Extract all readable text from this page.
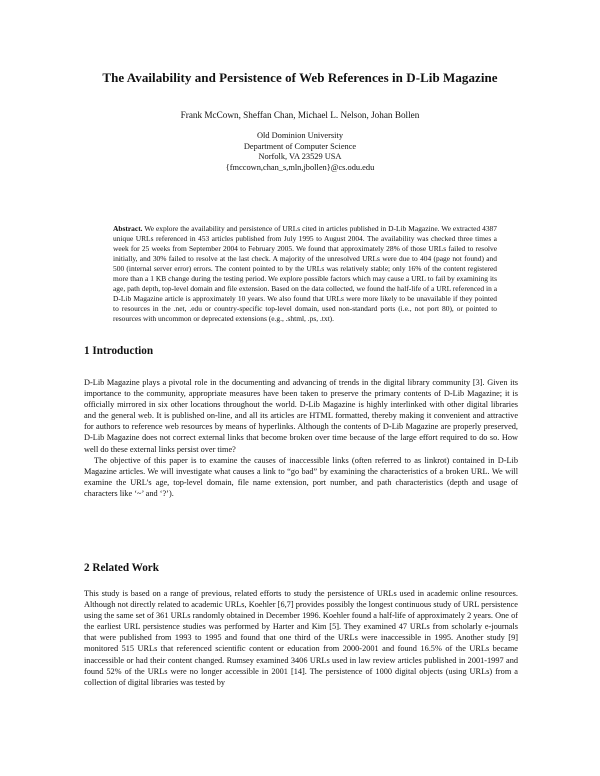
The Availability and Persistence of Web References in D-Lib Magazine
Frank McCown, Sheffan Chan, Michael L. Nelson, Johan Bollen
Old Dominion University
Department of Computer Science
Norfolk, VA 23529 USA
{fmccown,chan_s,mln,jbollen}@cs.odu.edu
Abstract. We explore the availability and persistence of URLs cited in articles published in D-Lib Magazine. We extracted 4387 unique URLs referenced in 453 articles published from July 1995 to August 2004. The availability was checked three times a week for 25 weeks from September 2004 to February 2005. We found that approximately 28% of those URLs failed to resolve initially, and 30% failed to resolve at the last check. A majority of the unresolved URLs were due to 404 (page not found) and 500 (internal server error) errors. The content pointed to by the URLs was relatively stable; only 16% of the content registered more than a 1 KB change during the testing period. We explore possible factors which may cause a URL to fail by examining its age, path depth, top-level domain and file extension. Based on the data collected, we found the half-life of a URL referenced in a D-Lib Magazine article is approximately 10 years. We also found that URLs were more likely to be unavailable if they pointed to resources in the .net, .edu or country-specific top-level domain, used non-standard ports (i.e., not port 80), or pointed to resources with uncommon or deprecated extensions (e.g., .shtml, .ps, .txt).
1 Introduction

D-Lib Magazine plays a pivotal role in the documenting and advancing of trends in the digital library community [3]. Given its importance to the community, appropriate measures have been taken to preserve the primary contents of D-Lib Magazine; it is officially mirrored in six other locations throughout the world. D-Lib Magazine is highly interlinked with other digital libraries and the general web. It is published on-line, and all its articles are HTML formatted, thereby making it convenient and attractive for authors to reference web resources by means of hyperlinks. Although the contents of D-Lib Magazine are properly preserved, D-Lib Magazine does not correct external links that become broken over time because of the large effort required to do so. How well do these external links persist over time?

The objective of this paper is to examine the causes of inaccessible links (often referred to as linkrot) contained in D-Lib Magazine articles. We will investigate what causes a link to “go bad” by examining the characteristics of a broken URL. We will examine the URL’s age, top-level domain, file name extension, port number, and path characteristics (depth and usage of characters like ‘~’ and ‘?’).

2 Related Work

This study is based on a range of previous, related efforts to study the persistence of URLs used in academic online resources. Although not directly related to academic URLs, Koehler [6,7] provides possibly the longest continuous study of URL persistence using the same set of 361 URLs randomly obtained in December 1996. Koehler found a half-life of approximately 2 years. One of the earliest URL persistence studies was performed by Harter and Kim [5]. They examined 47 URLs from scholarly e-journals that were published from 1993 to 1995 and found that one third of the URLs were inaccessible in 1995. Another study [9] monitored 515 URLs that referenced scientific content or education from 2000-2001 and found 16.5% of the URLs became inaccessible or had their content changed. Rumsey examined 3406 URLs used in law review articles published in 2001-1997 and found 52% of the URLs were no longer accessible in 2001 [14]. The persistence of 1000 digital objects (using URLs) from a collection of digital libraries was tested by
